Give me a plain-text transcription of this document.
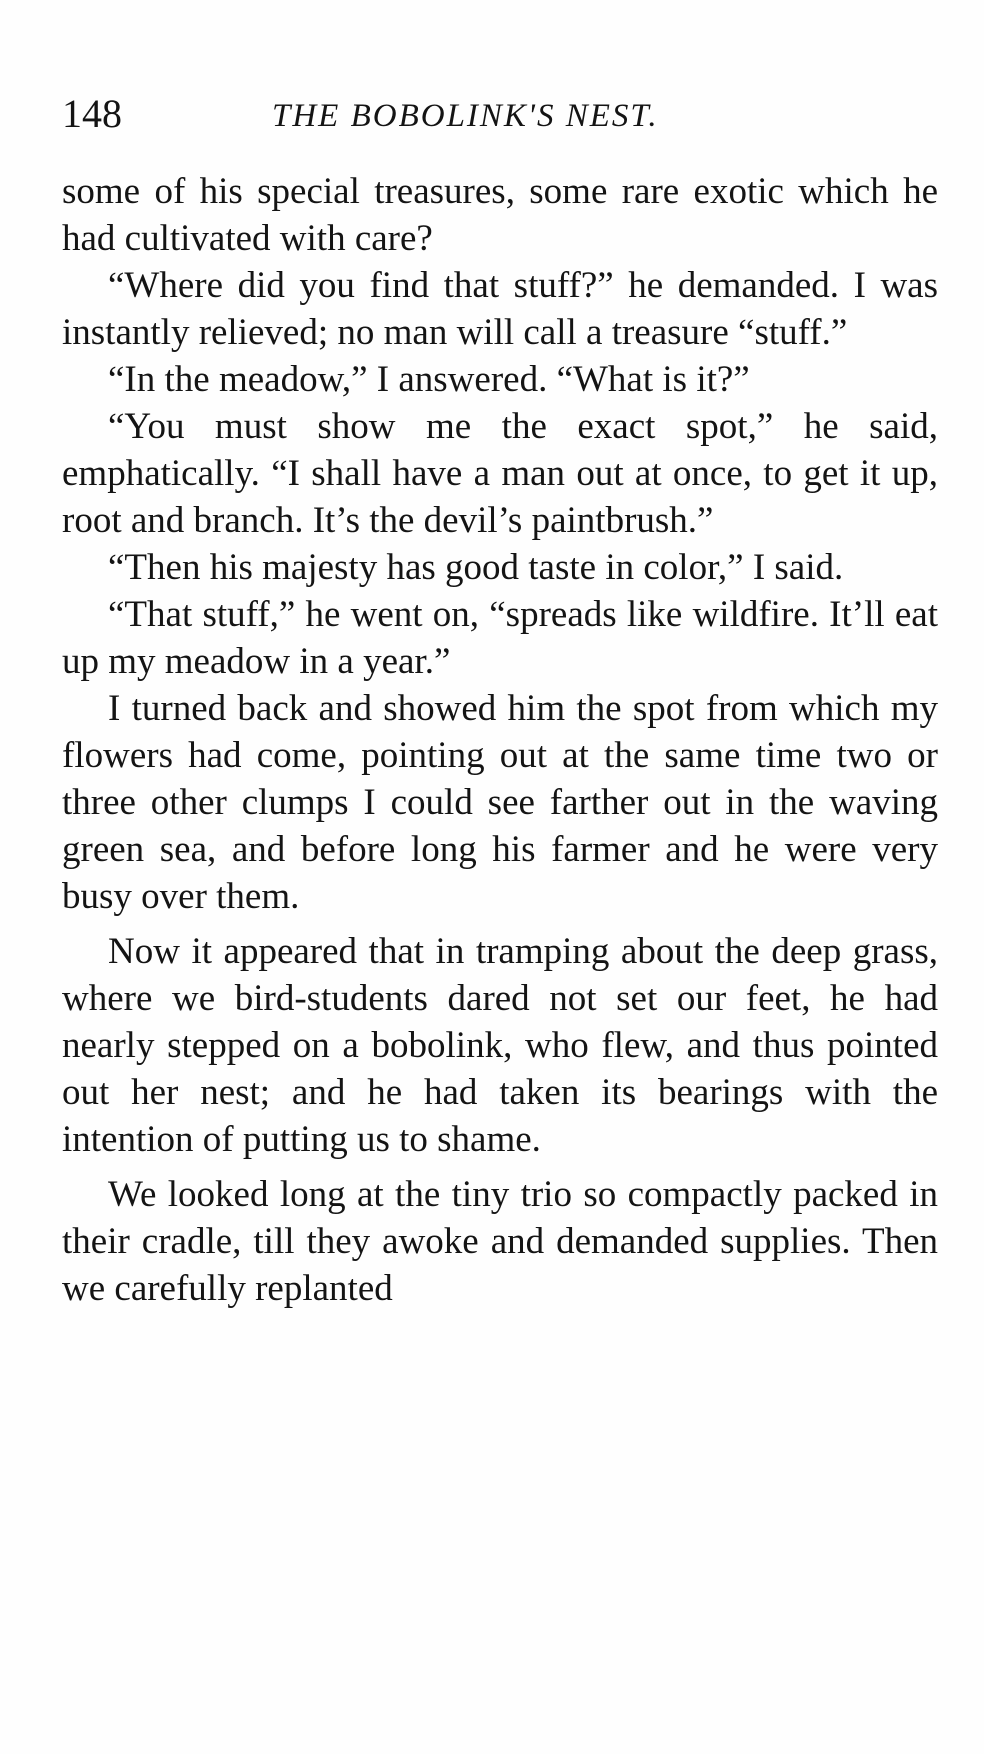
148	THE BOBOLINK'S NEST.

some of his special treasures, some rare exotic which he had cultivated with care?

“Where did you find that stuff?” he demanded. I was instantly relieved; no man will call a treasure “stuff.”

“In the meadow,” I answered. “What is it?”

“You must show me the exact spot,” he said, emphatically. “I shall have a man out at once, to get it up, root and branch. It’s the devil’s paintbrush.”

“Then his majesty has good taste in color,” I said.

“That stuff,” he went on, “spreads like wildfire. It’ll eat up my meadow in a year.”

I turned back and showed him the spot from which my flowers had come, pointing out at the same time two or three other clumps I could see farther out in the waving green sea, and before long his farmer and he were very busy over them.

Now it appeared that in tramping about the deep grass, where we bird-students dared not set our feet, he had nearly stepped on a bobolink, who flew, and thus pointed out her nest; and he had taken its bearings with the intention of putting us to shame.

We looked long at the tiny trio so compactly packed in their cradle, till they awoke and demanded supplies. Then we carefully replanted
